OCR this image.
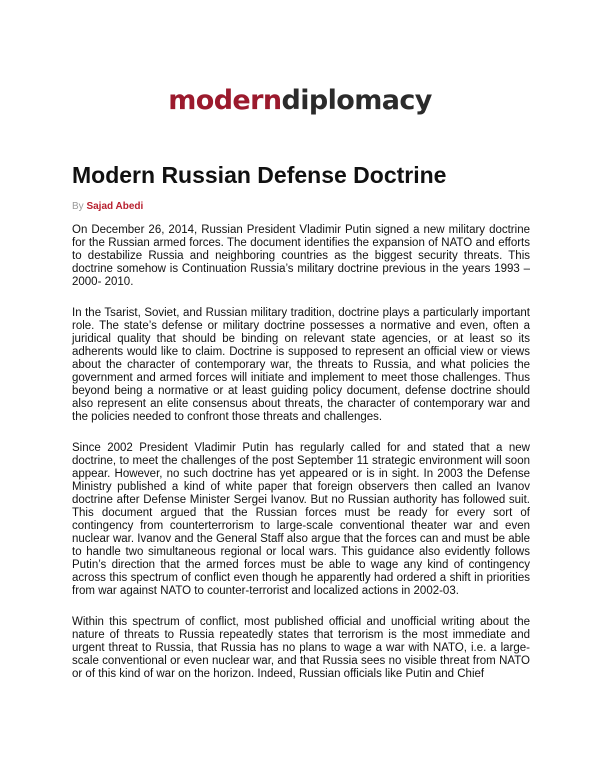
moderndiplomacy
Modern Russian Defense Doctrine
By Sajad Abedi

On December 26, 2014, Russian President Vladimir Putin signed a new military doctrine for the Russian armed forces. The document identifies the expansion of NATO and efforts to destabilize Russia and neighboring countries as the biggest security threats. This doctrine somehow is Continuation Russia’s military doctrine previous in the years 1993 – 2000- 2010.

In the Tsarist, Soviet, and Russian military tradition, doctrine plays a particularly important role. The state’s defense or military doctrine possesses a normative and even, often a juridical quality that should be binding on relevant state agencies, or at least so its adherents would like to claim. Doctrine is supposed to represent an official view or views about the character of contemporary war, the threats to Russia, and what policies the government and armed forces will initiate and implement to meet those challenges. Thus beyond being a normative or at least guiding policy document, defense doctrine should also represent an elite consensus about threats, the character of contemporary war and the policies needed to confront those threats and challenges.

Since 2002 President Vladimir Putin has regularly called for and stated that a new doctrine, to meet the challenges of the post September 11 strategic environment will soon appear. However, no such doctrine has yet appeared or is in sight. In 2003 the Defense Ministry published a kind of white paper that foreign observers then called an Ivanov doctrine after Defense Minister Sergei Ivanov. But no Russian authority has followed suit. This document argued that the Russian forces must be ready for every sort of contingency from counterterrorism to large-scale conventional theater war and even nuclear war. Ivanov and the General Staff also argue that the forces can and must be able to handle two simultaneous regional or local wars. This guidance also evidently follows Putin’s direction that the armed forces must be able to wage any kind of contingency across this spectrum of conflict even though he apparently had ordered a shift in priorities from war against NATO to counter-terrorist and localized actions in 2002-03.

Within this spectrum of conflict, most published official and unofficial writing about the nature of threats to Russia repeatedly states that terrorism is the most immediate and urgent threat to Russia, that Russia has no plans to wage a war with NATO, i.e. a large-scale conventional or even nuclear war, and that Russia sees no visible threat from NATO or of this kind of war on the horizon. Indeed, Russian officials like Putin and Chief
